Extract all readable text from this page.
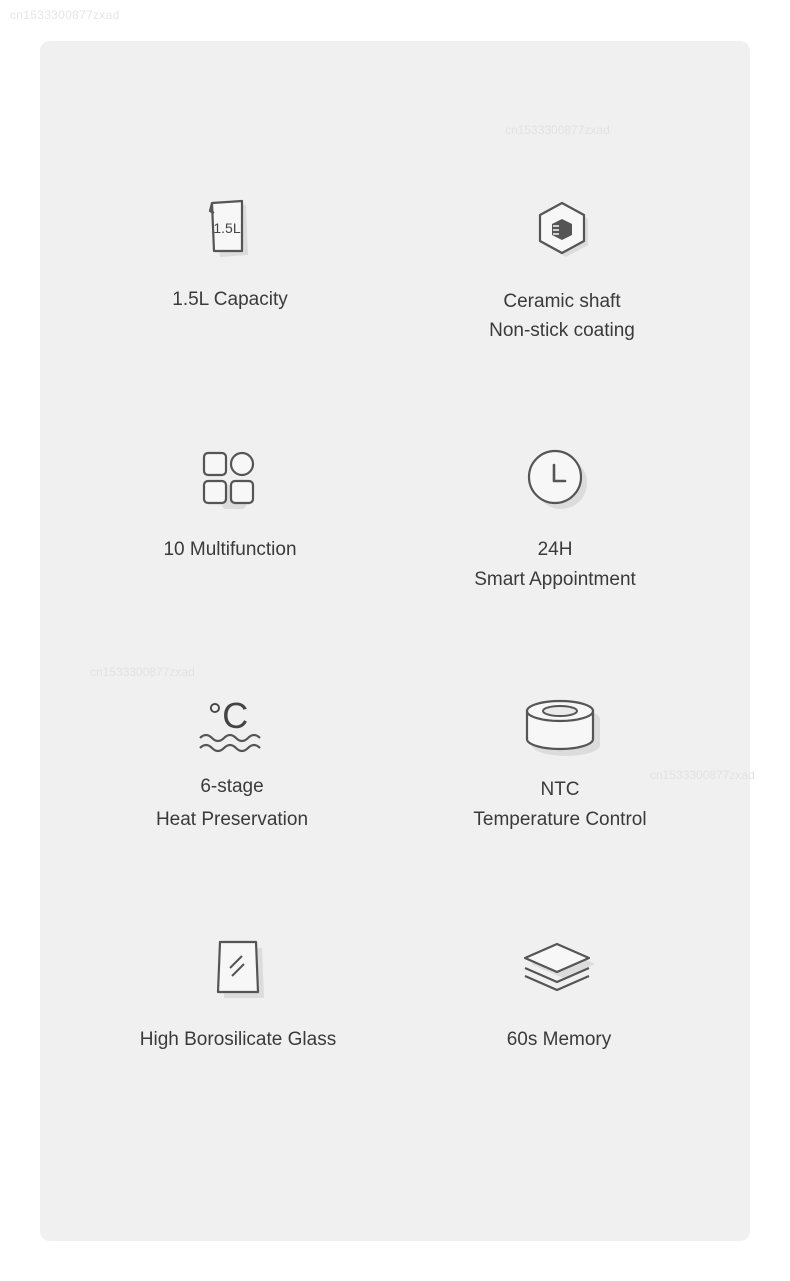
cn1533300877zxad
cn1533300877zxad
cn1533300877zxad
cn1533300877zxad
1.5L
1.5L Capacity	Ceramic shaft
Non-stick coating
10 Multifunction	24H
Smart Appointment
°C
6-stage
Heat Preservation
NTC
Temperature Control
High Borosilicate Glass	60s Memory
